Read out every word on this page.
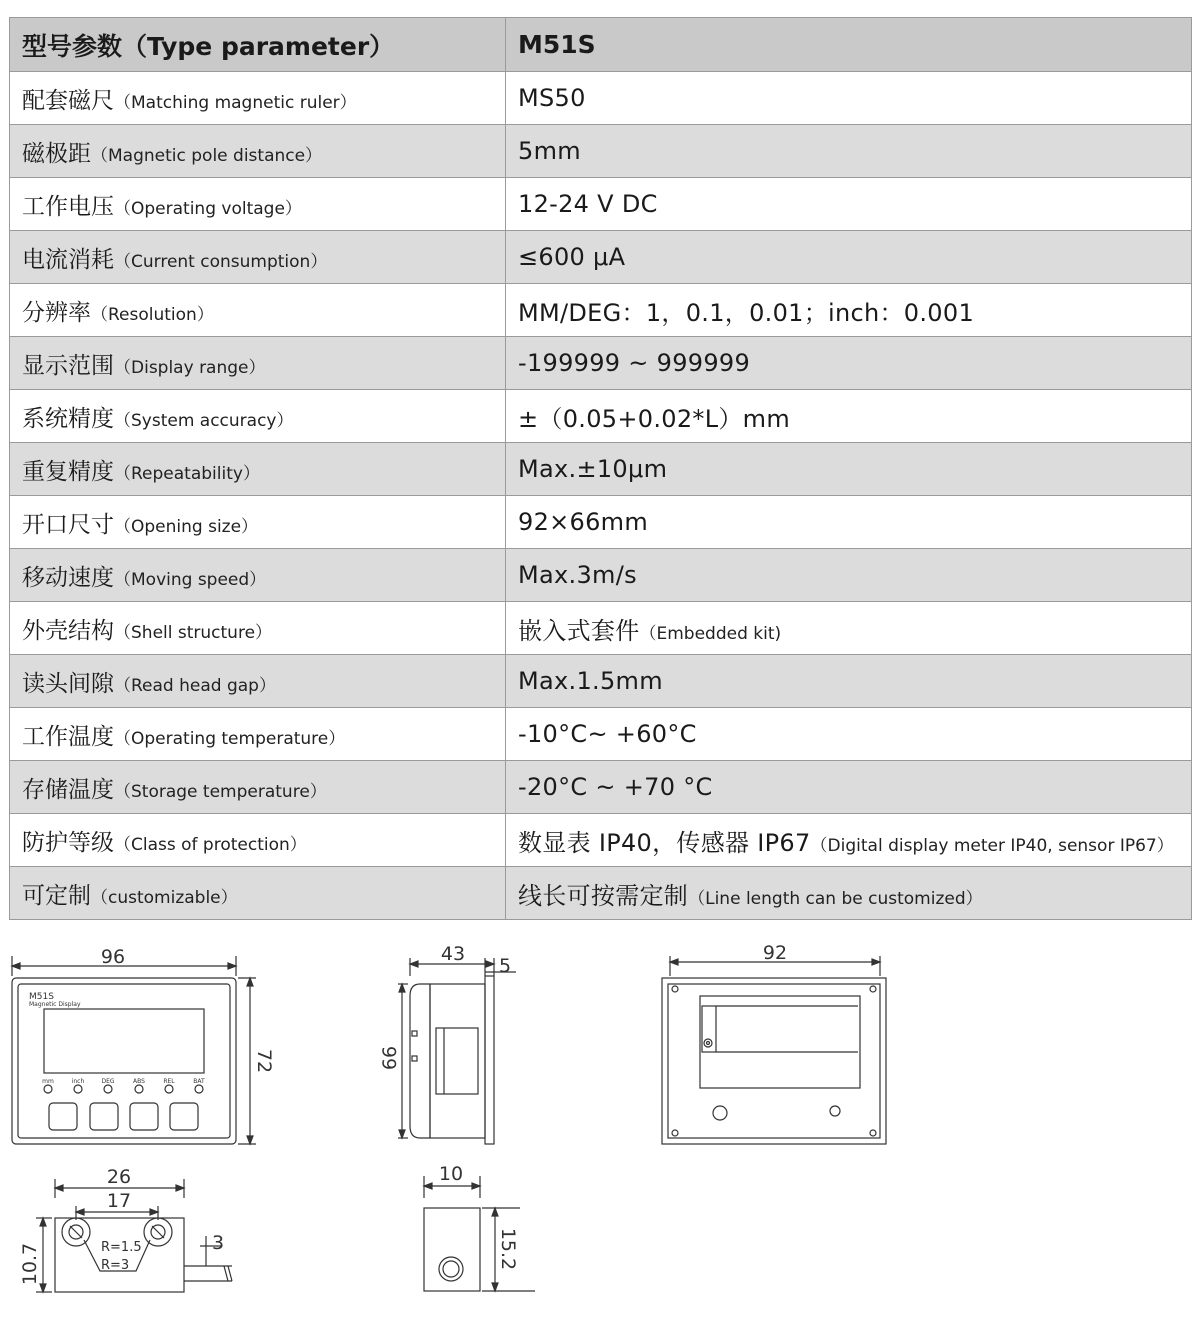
型号参数（Type parameter）	M51S
配套磁尺（Matching magnetic ruler）	MS50
磁极距（Magnetic pole distance）	5mm
工作电压（Operating voltage）	12-24 V DC
电流消耗（Current consumption）	≤600 μA
分辨率（Resolution）	MM/DEG：1，0.1，0.01；inch：0.001
显示范围（Display range）	-199999 ~ 999999
系统精度（System accuracy）	±（0.05+0.02*L）mm
重复精度（Repeatability）	Max.±10μm
开口尺寸（Opening size）	92×66mm
移动速度（Moving speed）	Max.3m/s
外壳结构（Shell structure）	嵌入式套件（Embedded kit)
读头间隙（Read head gap）	Max.1.5mm
工作温度（Operating temperature）	-10°C~ +60°C
存储温度（Storage temperature）	-20°C ~ +70 °C
防护等级（Class of protection）	数显表 IP40，传感器 IP67（Digital display meter IP40, sensor IP67）
可定制（customizable）	线长可按需定制（Line length can be customized）
96
72
M51S
Magnetic Display
mm	inch	DEG	ABS	REL	BAT
43
5
66
92
26
17
10.7	3
R=1.5
R=3
10
15.2
